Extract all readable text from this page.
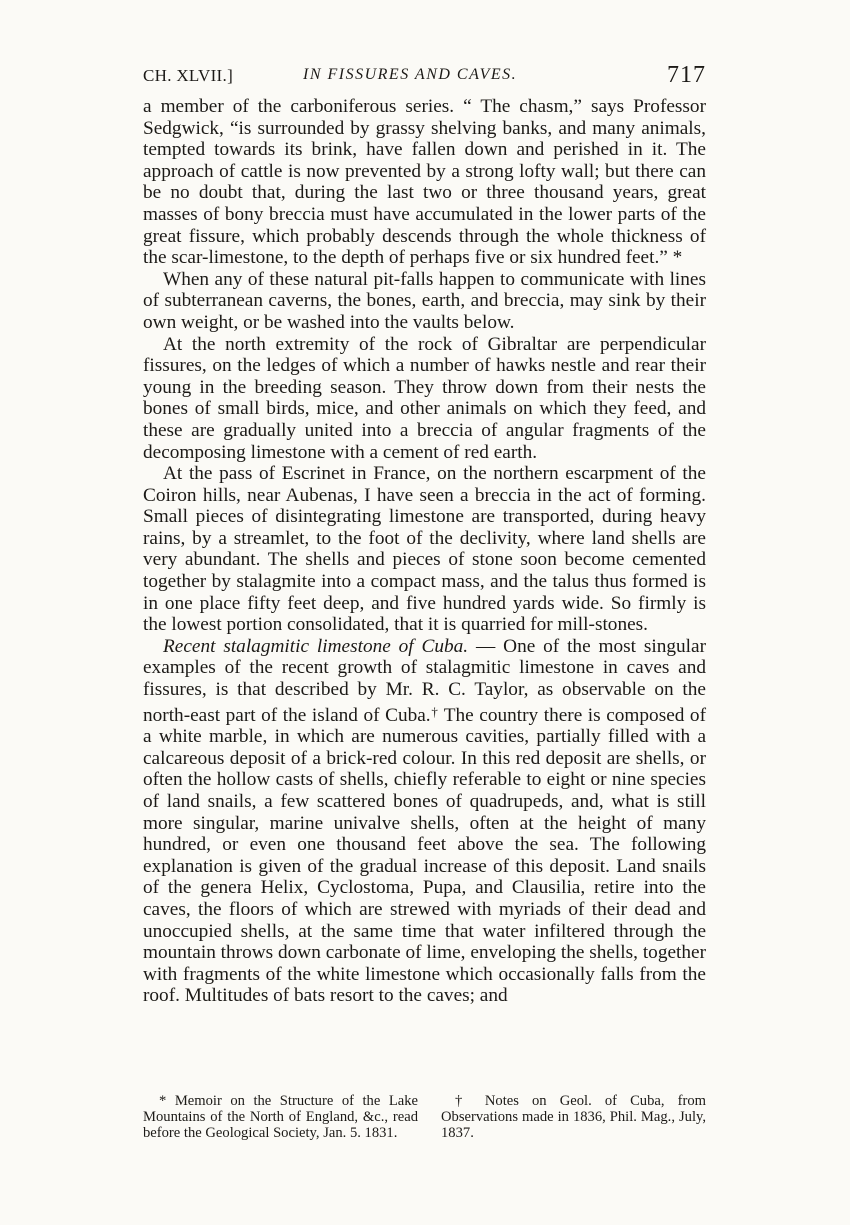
CH. XLVII.]	IN FISSURES AND CAVES.	717

a member of the carboniferous series. “ The chasm,” says Professor Sedgwick, “is surrounded by grassy shelving banks, and many animals, tempted towards its brink, have fallen down and perished in it. The approach of cattle is now prevented by a strong lofty wall; but there can be no doubt that, during the last two or three thousand years, great masses of bony breccia must have accumulated in the lower parts of the great fissure, which probably descends through the whole thickness of the scar-limestone, to the depth of perhaps five or six hundred feet.” *

When any of these natural pit-falls happen to communicate with lines of subterranean caverns, the bones, earth, and breccia, may sink by their own weight, or be washed into the vaults below.

At the north extremity of the rock of Gibraltar are perpendicular fissures, on the ledges of which a number of hawks nestle and rear their young in the breeding season. They throw down from their nests the bones of small birds, mice, and other animals on which they feed, and these are gradually united into a breccia of angular fragments of the decomposing limestone with a cement of red earth.

At the pass of Escrinet in France, on the northern escarpment of the Coiron hills, near Aubenas, I have seen a breccia in the act of forming. Small pieces of disintegrating limestone are transported, during heavy rains, by a streamlet, to the foot of the declivity, where land shells are very abundant. The shells and pieces of stone soon become cemented together by stalagmite into a compact mass, and the talus thus formed is in one place fifty feet deep, and five hundred yards wide. So firmly is the lowest portion consolidated, that it is quarried for mill-stones.

Recent stalagmitic limestone of Cuba. — One of the most singular examples of the recent growth of stalagmitic limestone in caves and fissures, is that described by Mr. R. C. Taylor, as observable on the north-east part of the island of Cuba.† The country there is composed of a white marble, in which are numerous cavities, partially filled with a calcareous deposit of a brick-red colour. In this red deposit are shells, or often the hollow casts of shells, chiefly referable to eight or nine species of land snails, a few scattered bones of quadrupeds, and, what is still more singular, marine univalve shells, often at the height of many hundred, or even one thousand feet above the sea. The following explanation is given of the gradual increase of this deposit. Land snails of the genera Helix, Cyclostoma, Pupa, and Clausilia, retire into the caves, the floors of which are strewed with myriads of their dead and unoccupied shells, at the same time that water infiltered through the mountain throws down carbonate of lime, enveloping the shells, together with fragments of the white limestone which occasionally falls from the roof. Multitudes of bats resort to the caves; and

* Memoir on the Structure of the Lake Mountains of the North of England, &c., read before the Geological Society, Jan. 5. 1831.
† Notes on Geol. of Cuba, from Observations made in 1836, Phil. Mag., July, 1837.
